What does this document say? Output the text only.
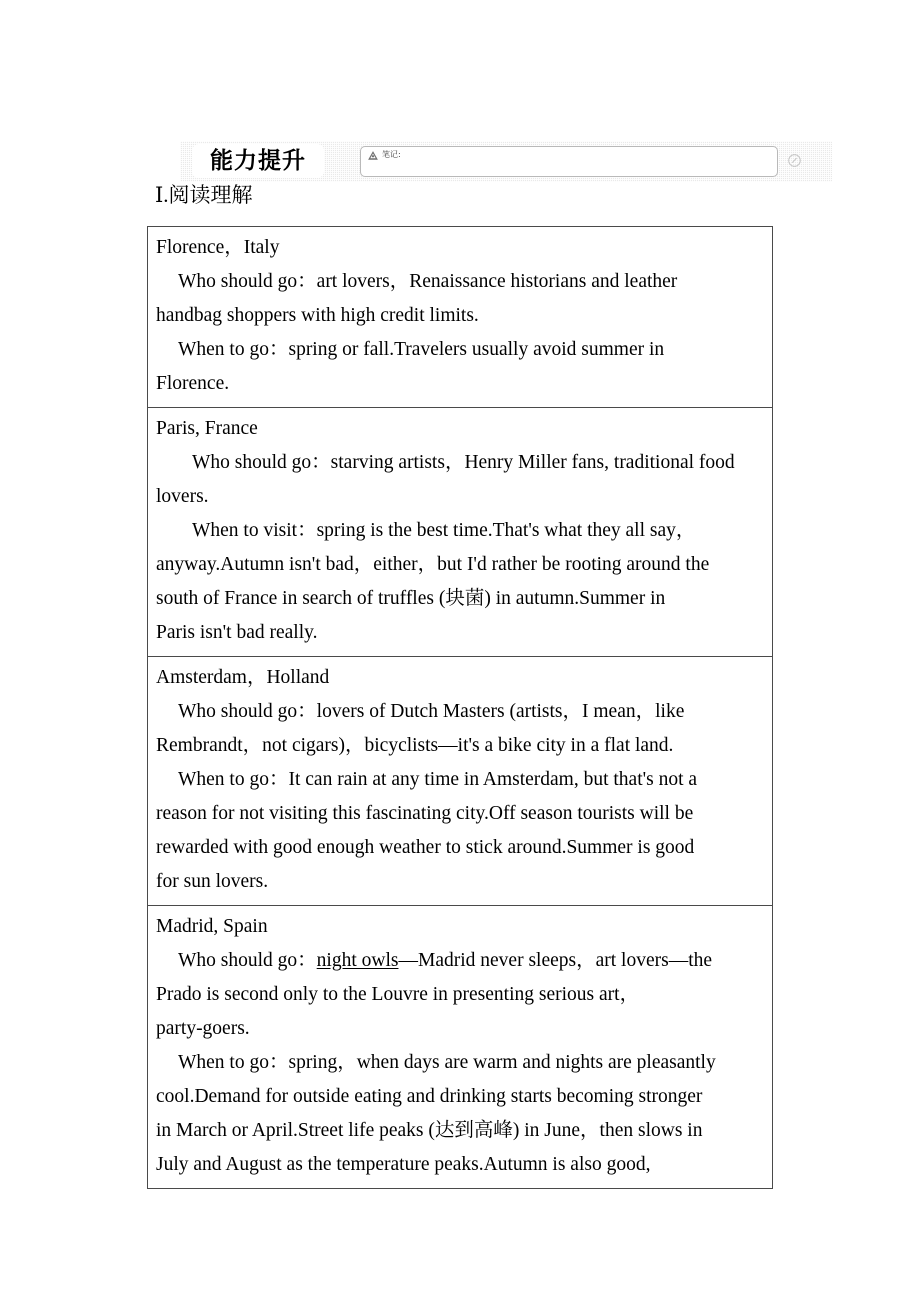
能力提升	笔记:
Ⅰ.阅读理解

Florence，Italy

Who should go：art lovers，Renaissance historians and leather

handbag shoppers with high credit limits.

When to go：spring or fall.Travelers usually avoid summer in

Florence.

Paris, France

Who should go：starving artists，Henry Miller fans, traditional food

lovers.

When to visit：spring is the best time.That's what they all say，

anyway.Autumn isn't bad，either，but I'd rather be rooting around the

south of France in search of truffles (块菌) in autumn.Summer in

Paris isn't bad really.

Amsterdam，Holland

Who should go：lovers of Dutch Masters (artists，I mean，like

Rembrandt，not cigars)，bicyclists—it's a bike city in a flat land.

When to go：It can rain at any time in Amsterdam, but that's not a

reason for not visiting this fascinating city.Off season tourists will be

rewarded with good enough weather to stick around.Summer is good

for sun lovers.

Madrid, Spain

Who should go：night owls—Madrid never sleeps，art lovers—the

Prado is second only to the Louvre in presenting serious art，

party-goers.

When to go：spring，when days are warm and nights are pleasantly

cool.Demand for outside eating and drinking starts becoming stronger

in March or April.Street life peaks (达到高峰) in June，then slows in

July and August as the temperature peaks.Autumn is also good,
